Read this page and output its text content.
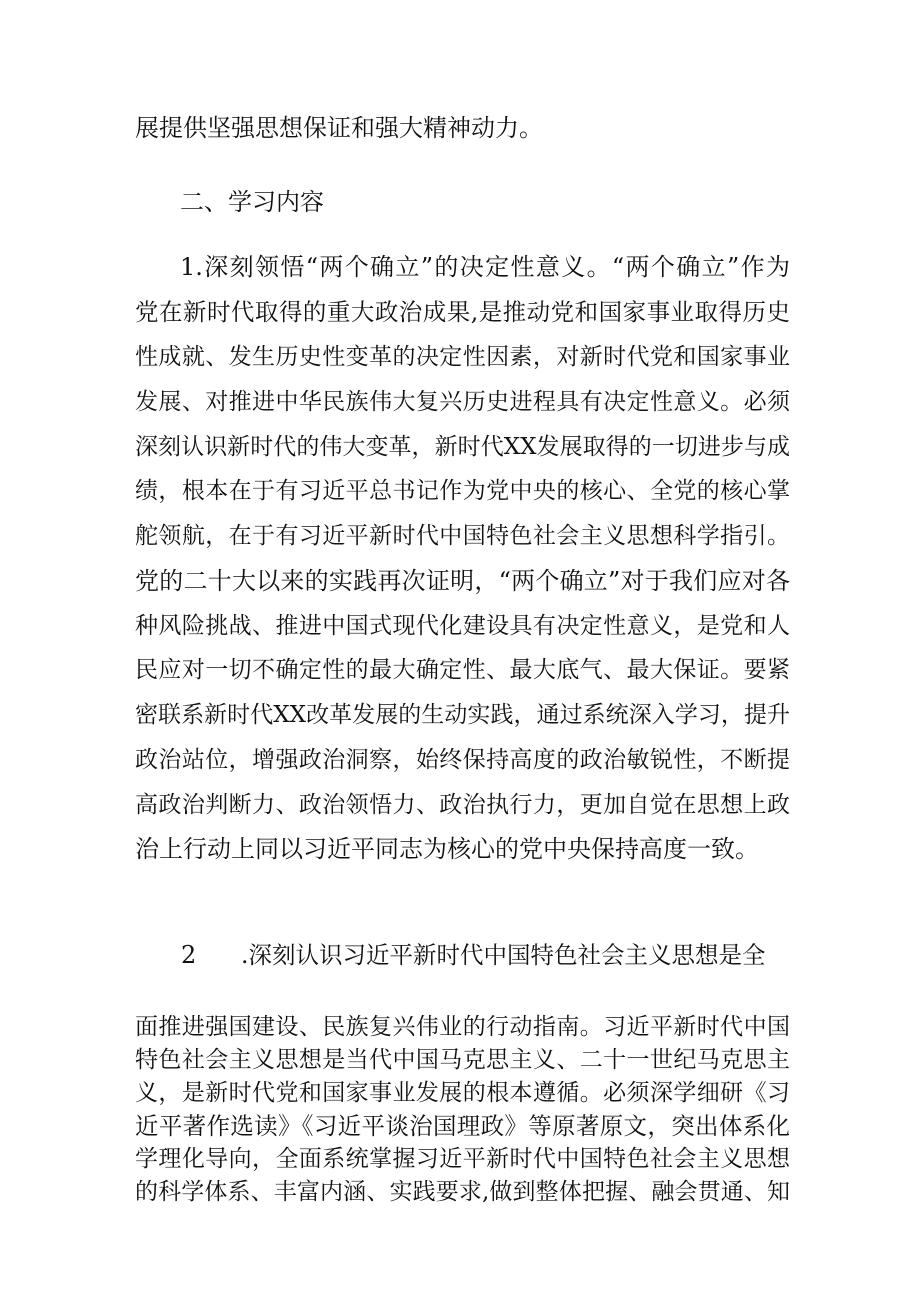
展提供坚强思想保证和强大精神动力。
二、学习内容
1.深刻领悟“两个确立”的决定性意义。“两个确立”作为
党在新时代取得的重大政治成果,是推动党和国家事业取得历史
性成就、发生历史性变革的决定性因素，对新时代党和国家事业
发展、对推进中华民族伟大复兴历史进程具有决定性意义。必须
深刻认识新时代的伟大变革，新时代XX发展取得的一切进步与成
绩，根本在于有习近平总书记作为党中央的核心、全党的核心掌
舵领航，在于有习近平新时代中国特色社会主义思想科学指引。
党的二十大以来的实践再次证明，“两个确立”对于我们应对各
种风险挑战、推进中国式现代化建设具有决定性意义，是党和人
民应对一切不确定性的最大确定性、最大底气、最大保证。要紧
密联系新时代XX改革发展的生动实践，通过系统深入学习，提升
政治站位，增强政治洞察，始终保持高度的政治敏锐性，不断提
高政治判断力、政治领悟力、政治执行力，更加自觉在思想上政
治上行动上同以习近平同志为核心的党中央保持高度一致。
2 .深刻认识习近平新时代中国特色社会主义思想是全
面推进强国建设、民族复兴伟业的行动指南。习近平新时代中国
特色社会主义思想是当代中国马克思主义、二十一世纪马克思主
义，是新时代党和国家事业发展的根本遵循。必须深学细研《习
近平著作选读》《习近平谈治国理政》等原著原文，突出体系化
学理化导向，全面系统掌握习近平新时代中国特色社会主义思想
的科学体系、丰富内涵、实践要求,做到整体把握、融会贯通、知
